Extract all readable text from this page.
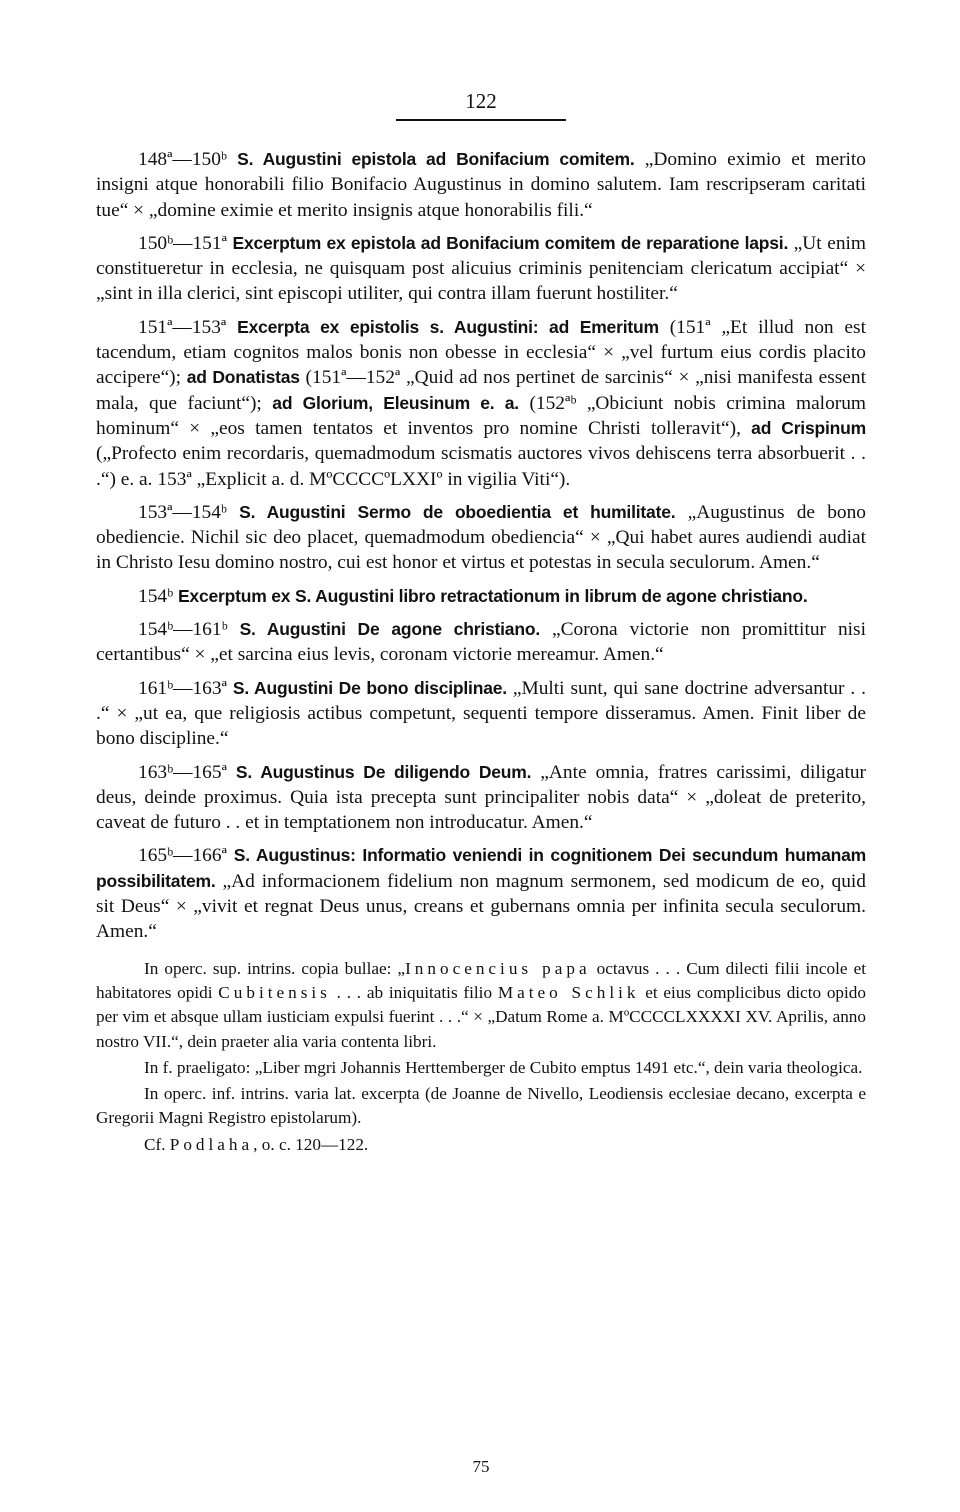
122

148ª—150ᵇ S. Augustini epistola ad Bonifacium comitem. „Domino eximio et merito insigni atque honorabili filio Bonifacio Augustinus in domino salutem. Iam rescripseram caritati tue“ × „domine eximie et merito insignis atque honorabilis fili.“

150ᵇ—151ª Excerptum ex epistola ad Bonifacium comitem de reparatione lapsi. „Ut enim constitueretur in ecclesia, ne quisquam post alicuius criminis penitenciam clericatum accipiat“ × „sint in illa clerici, sint episcopi utiliter, qui contra illam fuerunt hostiliter.“

151ª—153ª Excerpta ex epistolis s. Augustini: ad Emeritum (151ª „Et illud non est tacendum, etiam cognitos malos bonis non obesse in ecclesia“ × „vel furtum eius cordis placito accipere“); ad Donatistas (151ª—152ª „Quid ad nos pertinet de sarcinis“ × „nisi manifesta essent mala, que faciunt“); ad Glorium, Eleusinum e. a. (152ªᵇ „Obiciunt nobis crimina malorum hominum“ × „eos tamen tentatos et inventos pro nomine Christi tolleravit“), ad Crispinum („Profecto enim recordaris, quemadmodum scismatis auctores vivos dehiscens terra absorbuerit . . .“) e. a. 153ª „Explicit a. d. MºCCCCºLXXIº in vigilia Viti“).

153ª—154ᵇ S. Augustini Sermo de oboedientia et humilitate. „Augustinus de bono obedienciе. Nichil sic deo placet, quemadmodum obediencia“ × „Qui habet aures audiendi audiat in Christo Iesu domino nostro, cui est honor et virtus et potestas in secula seculorum. Amen.“

154ᵇ Excerptum ex S. Augustini libro retractationum in librum de agone christiano.

154ᵇ—161ᵇ S. Augustini De agone christiano. „Corona victorie non promittitur nisi certantibus“ × „et sarcina eius levis, coronam victorie mereamur. Amen.“

161ᵇ—163ª S. Augustini De bono disciplinae. „Multi sunt, qui sane doctrine adversantur . . .“ × „ut ea, que religiosis actibus competunt, sequenti tempore disseramus. Amen. Finit liber de bono discipline.“

163ᵇ—165ª S. Augustinus De diligendo Deum. „Ante omnia, fratres carissimi, diligatur deus, deinde proximus. Quia ista precepta sunt principaliter nobis data“ × „doleat de preterito, caveat de futuro . . et in temptationem non introducatur. Amen.“

165ᵇ—166ª S. Augustinus: Informatio veniendi in cognitionem Dei secundum humanam possibilitatem. „Ad informacionem fidelium non magnum sermonem, sed modicum de eo, quid sit Deus“ × „vivit et regnat Deus unus, creans et gubernans omnia per infinita secula seculorum. Amen.“

In operc. sup. intrins. copia bullae: „Innocencius papa octavus . . . Cum dilecti filii incole et habitatores opidi Cubitensis . . . ab iniquitatis filio Mateo Schlik et eius complicibus dicto opido per vim et absque ullam iusticiam expulsi fuerint . . .“ × „Datum Rome a. MºCCCCLXXXXI XV. Aprilis, anno nostro VII.“, dein praeter alia varia contenta libri.

In f. praeligato: „Liber mgri Johannis Herttemberger de Cubito emptus 1491 etc.“, dein varia theologica.

In operc. inf. intrins. varia lat. excerpta (de Joanne de Nivello, Leodiensis ecclesiae decano, excerpta e Gregorii Magni Registro epistolarum).

Cf. Podlaha, o. c. 120—122.

75
